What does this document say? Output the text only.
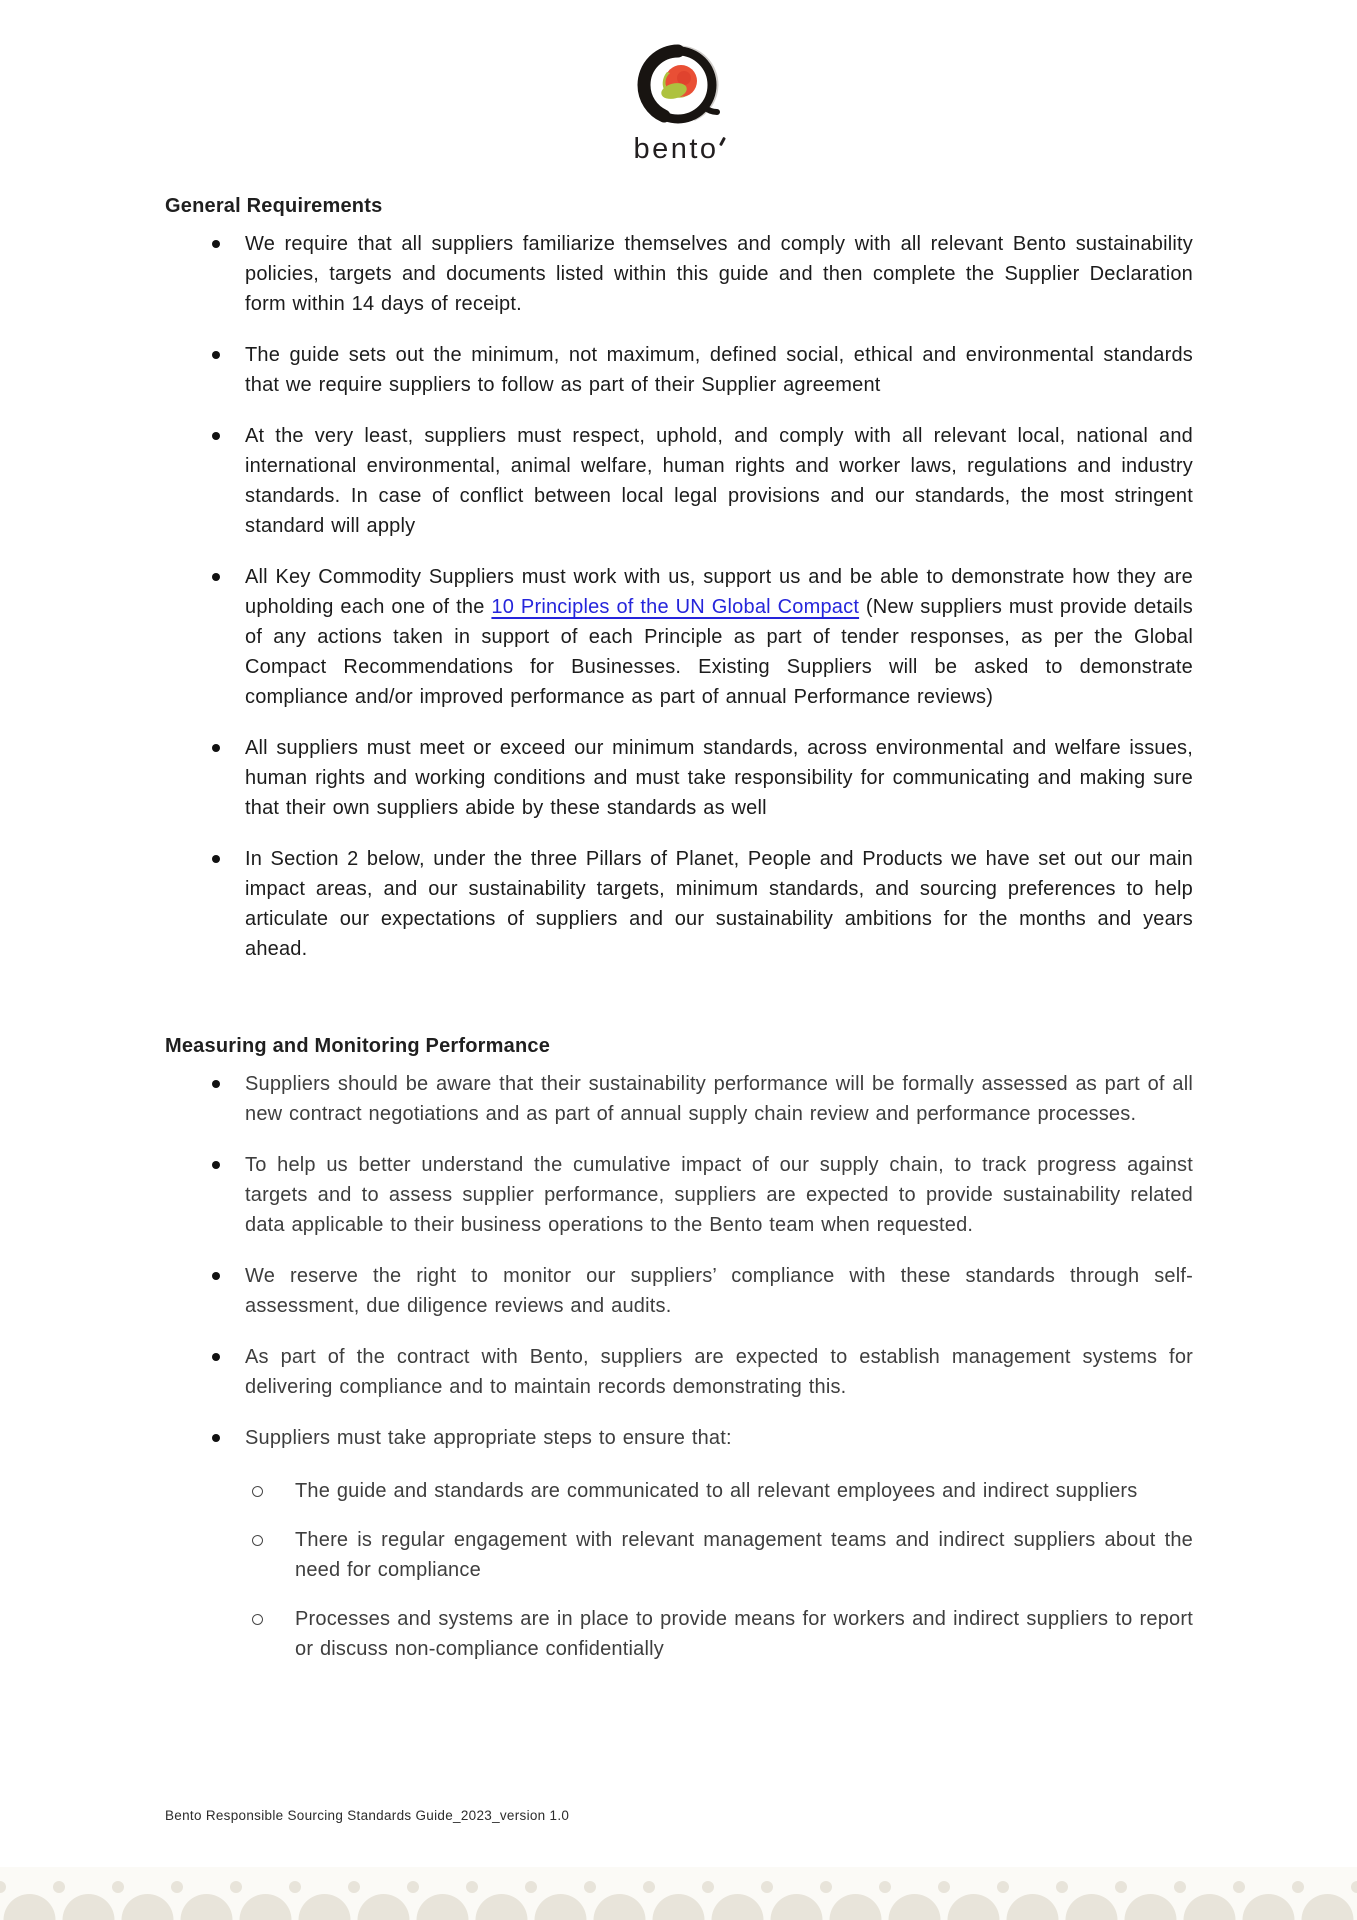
bento
General Requirements

We require that all suppliers familiarize themselves and comply with all relevant Bento sustainability policies, targets and documents listed within this guide and then complete the Supplier Declaration form within 14 days of receipt.

The guide sets out the minimum, not maximum, defined social, ethical and environmental standards that we require suppliers to follow as part of their Supplier agreement

At the very least, suppliers must respect, uphold, and comply with all relevant local, national and international environmental, animal welfare, human rights and worker laws, regulations and industry standards. In case of conflict between local legal provisions and our standards, the most stringent standard will apply

All Key Commodity Suppliers must work with us, support us and be able to demonstrate how they are upholding each one of the 10 Principles of the UN Global Compact (New suppliers must provide details of any actions taken in support of each Principle as part of tender responses, as per the Global Compact Recommendations for Businesses. Existing Suppliers will be asked to demonstrate compliance and/or improved performance as part of annual Performance reviews)

All suppliers must meet or exceed our minimum standards, across environmental and welfare issues, human rights and working conditions and must take responsibility for communicating and making sure that their own suppliers abide by these standards as well

In Section 2 below, under the three Pillars of Planet, People and Products we have set out our main impact areas, and our sustainability targets, minimum standards, and sourcing preferences to help articulate our expectations of suppliers and our sustainability ambitions for the months and years ahead.

Measuring and Monitoring Performance

Suppliers should be aware that their sustainability performance will be formally assessed as part of all new contract negotiations and as part of annual supply chain review and performance processes.

To help us better understand the cumulative impact of our supply chain, to track progress against targets and to assess supplier performance, suppliers are expected to provide sustainability related data applicable to their business operations to the Bento team when requested.

We reserve the right to monitor our suppliers’ compliance with these standards through self-assessment, due diligence reviews and audits.

As part of the contract with Bento, suppliers are expected to establish management systems for delivering compliance and to maintain records demonstrating this.

Suppliers must take appropriate steps to ensure that:

The guide and standards are communicated to all relevant employees and indirect suppliers

There is regular engagement with relevant management teams and indirect suppliers about the need for compliance

Processes and systems are in place to provide means for workers and indirect suppliers to report or discuss non-compliance confidentially

Bento Responsible Sourcing Standards Guide_2023_version 1.0
